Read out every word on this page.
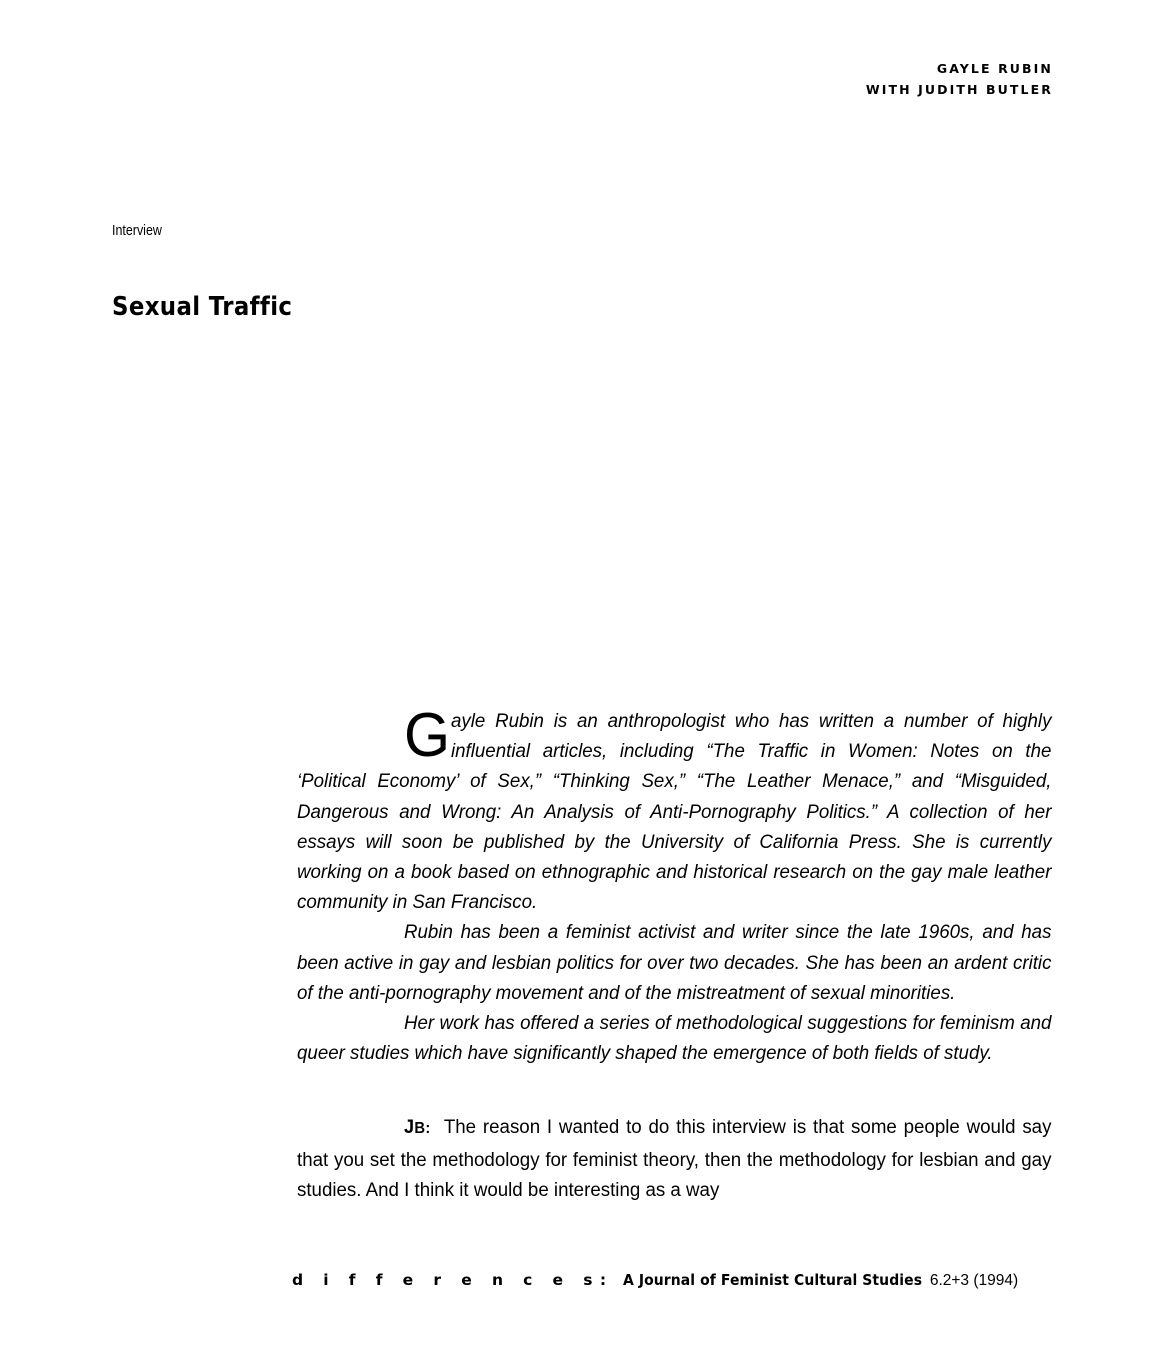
GAYLE RUBIN
WITH JUDITH BUTLER
Interview
Sexual Traffic

Gayle Rubin is an anthropologist who has written a number of highly influential articles, including “The Traffic in Women: Notes on the ‘Political Economy’ of Sex,” “Thinking Sex,” “The Leather Menace,” and “Misguided, Dangerous and Wrong: An Analysis of Anti-Pornography Politics.” A collection of her essays will soon be published by the University of California Press. She is currently working on a book based on ethnographic and historical research on the gay male leather community in San Francisco.

Rubin has been a feminist activist and writer since the late 1960s, and has been active in gay and lesbian politics for over two decades. She has been an ardent critic of the anti-pornography movement and of the mistreatment of sexual minorities.

Her work has offered a series of methodological suggestions for feminism and queer studies which have significantly shaped the emergence of both fields of study.

JB: The reason I wanted to do this interview is that some people would say that you set the methodology for feminist theory, then the methodology for lesbian and gay studies. And I think it would be interesting as a way

d i f f e r e n c e s: A Journal of Feminist Cultural Studies 6.2+3 (1994)
